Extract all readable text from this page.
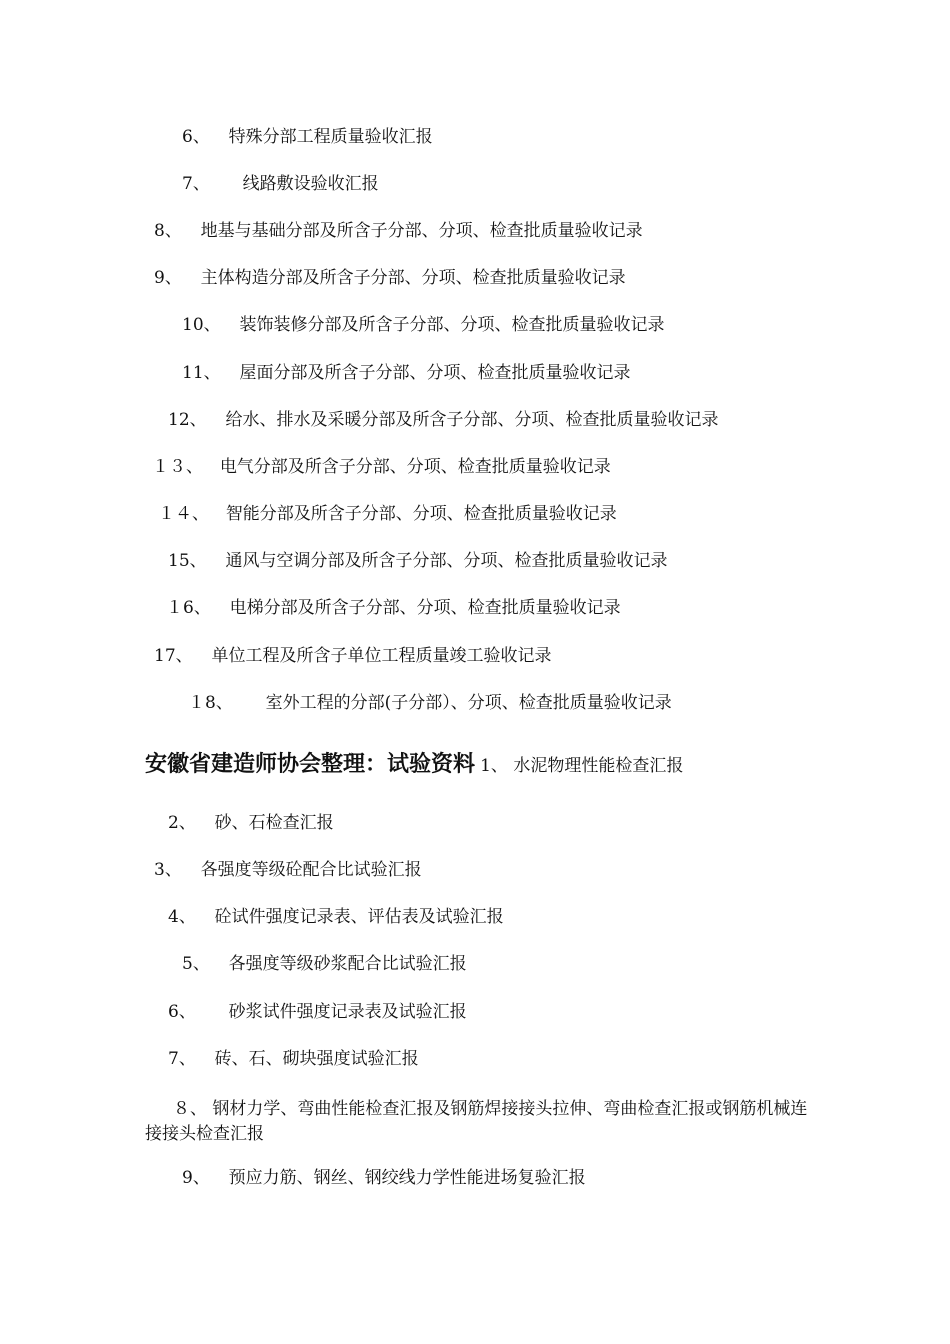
6、 特殊分部工程质量验收汇报
7、 线路敷设验收汇报
8、 地基与基础分部及所含子分部、分项、检查批质量验收记录
9、 主体构造分部及所含子分部、分项、检查批质量验收记录
10、 装饰装修分部及所含子分部、分项、检查批质量验收记录
11、 屋面分部及所含子分部、分项、检查批质量验收记录
12、 给水、排水及采暖分部及所含子分部、分项、检查批质量验收记录
１３、 电气分部及所含子分部、分项、检查批质量验收记录
１４、 智能分部及所含子分部、分项、检查批质量验收记录
15、 通风与空调分部及所含子分部、分项、检查批质量验收记录
１6、 电梯分部及所含子分部、分项、检查批质量验收记录
17、 单位工程及所含子单位工程质量竣工验收记录
１8、 室外工程的分部(子分部）、分项、检查批质量验收记录
安徽省建造师协会整理：试验资料 1、 水泥物理性能检查汇报
2、 砂、石检查汇报
3、 各强度等级砼配合比试验汇报
4、 砼试件强度记录表、评估表及试验汇报
5、 各强度等级砂浆配合比试验汇报
6、 砂浆试件强度记录表及试验汇报
7、 砖、石、砌块强度试验汇报
８、 钢材力学、弯曲性能检查汇报及钢筋焊接接头拉伸、弯曲检查汇报或钢筋机械连接接头检查汇报
9、 预应力筋、钢丝、钢绞线力学性能进场复验汇报
